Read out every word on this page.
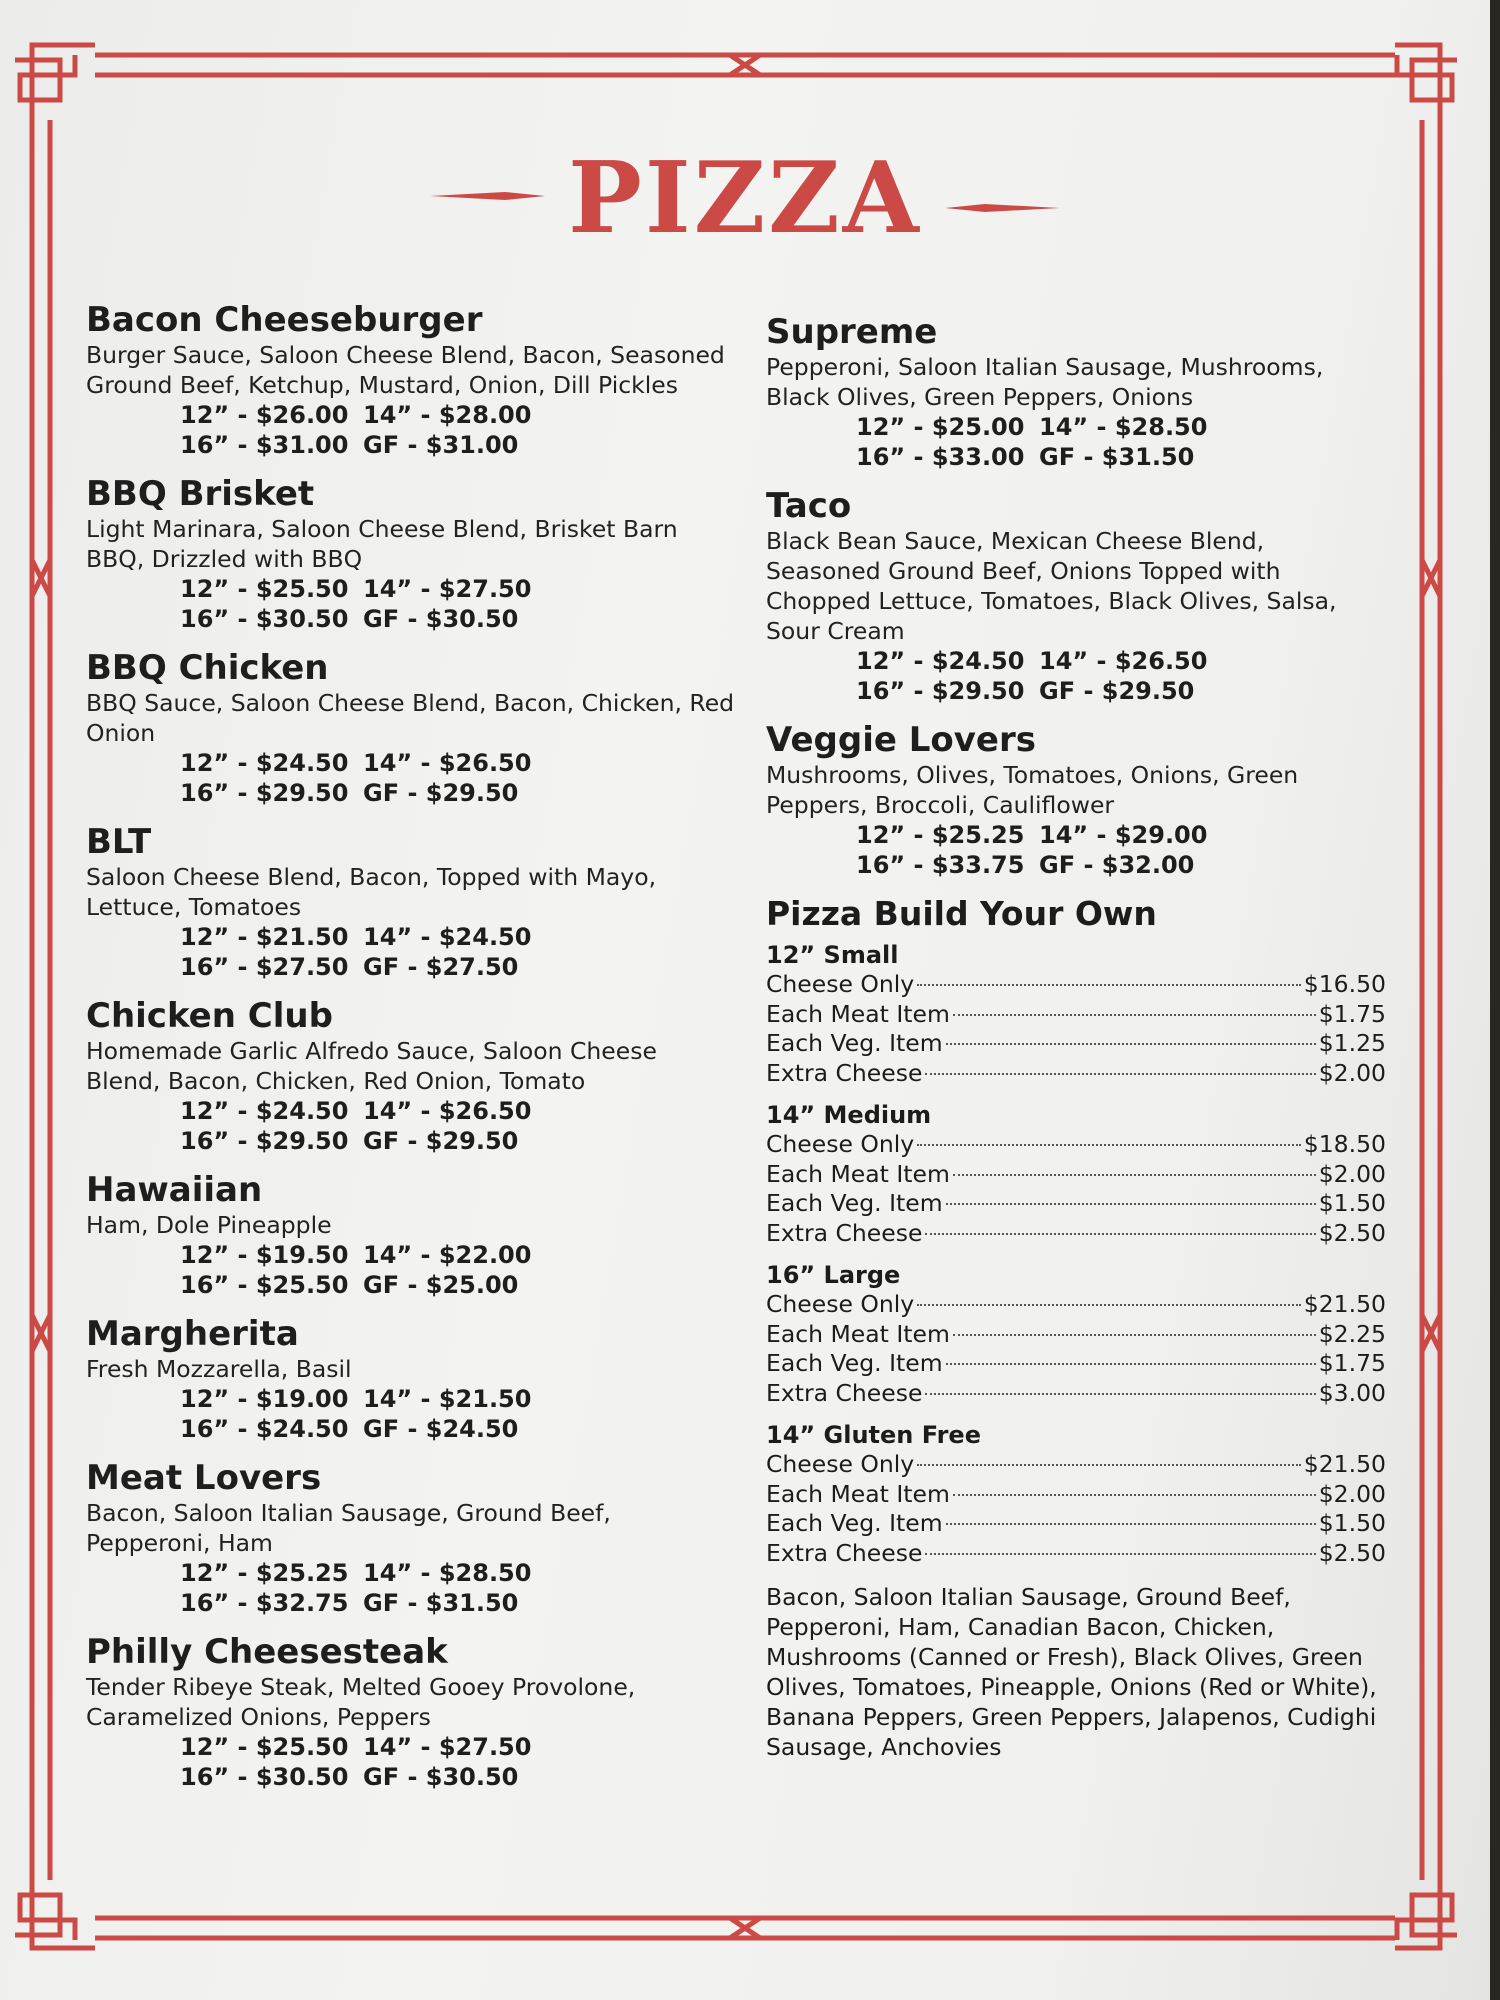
PIZZA
Bacon Cheeseburger
Burger Sauce, Saloon Cheese Blend, Bacon, Seasoned Ground Beef, Ketchup, Mustard, Onion, Dill Pickles
12” - $26.00 14” - $28.00
16” - $31.00 GF - $31.00
BBQ Brisket
Light Marinara, Saloon Cheese Blend, Brisket Barn BBQ, Drizzled with BBQ
12” - $25.50 14” - $27.50
16” - $30.50 GF - $30.50
BBQ Chicken
BBQ Sauce, Saloon Cheese Blend, Bacon, Chicken, Red Onion
12” - $24.50 14” - $26.50
16” - $29.50 GF - $29.50
BLT
Saloon Cheese Blend, Bacon, Topped with Mayo, Lettuce, Tomatoes
12” - $21.50 14” - $24.50
16” - $27.50 GF - $27.50
Chicken Club
Homemade Garlic Alfredo Sauce, Saloon Cheese Blend, Bacon, Chicken, Red Onion, Tomato
12” - $24.50 14” - $26.50
16” - $29.50 GF - $29.50
Hawaiian
Ham, Dole Pineapple
12” - $19.50 14” - $22.00
16” - $25.50 GF - $25.00
Margherita
Fresh Mozzarella, Basil
12” - $19.00 14” - $21.50
16” - $24.50 GF - $24.50
Meat Lovers
Bacon, Saloon Italian Sausage, Ground Beef, Pepperoni, Ham
12” - $25.25 14” - $28.50
16” - $32.75 GF - $31.50
Philly Cheesesteak
Tender Ribeye Steak, Melted Gooey Provolone, Caramelized Onions, Peppers
12” - $25.50 14” - $27.50
16” - $30.50 GF - $30.50
Supreme
Pepperoni, Saloon Italian Sausage, Mushrooms, Black Olives, Green Peppers, Onions
12” - $25.00 14” - $28.50
16” - $33.00 GF - $31.50
Taco
Black Bean Sauce, Mexican Cheese Blend, Seasoned Ground Beef, Onions Topped with Chopped Lettuce, Tomatoes, Black Olives, Salsa, Sour Cream
12” - $24.50 14” - $26.50
16” - $29.50 GF - $29.50
Veggie Lovers
Mushrooms, Olives, Tomatoes, Onions, Green Peppers, Broccoli, Cauliflower
12” - $25.25 14” - $29.00
16” - $33.75 GF - $32.00
Pizza Build Your Own
12” Small
Cheese Only	$16.50
Each Meat Item	$1.75
Each Veg. Item	$1.25
Extra Cheese	$2.00
14” Medium
Cheese Only	$18.50
Each Meat Item	$2.00
Each Veg. Item	$1.50
Extra Cheese	$2.50
16” Large
Cheese Only	$21.50
Each Meat Item	$2.25
Each Veg. Item	$1.75
Extra Cheese	$3.00
14” Gluten Free
Cheese Only	$21.50
Each Meat Item	$2.00
Each Veg. Item	$1.50
Extra Cheese	$2.50
Bacon, Saloon Italian Sausage, Ground Beef, Pepperoni, Ham, Canadian Bacon, Chicken, Mushrooms (Canned or Fresh), Black Olives, Green Olives, Tomatoes, Pineapple, Onions (Red or White), Banana Peppers, Green Peppers, Jalapenos, Cudighi Sausage, Anchovies
